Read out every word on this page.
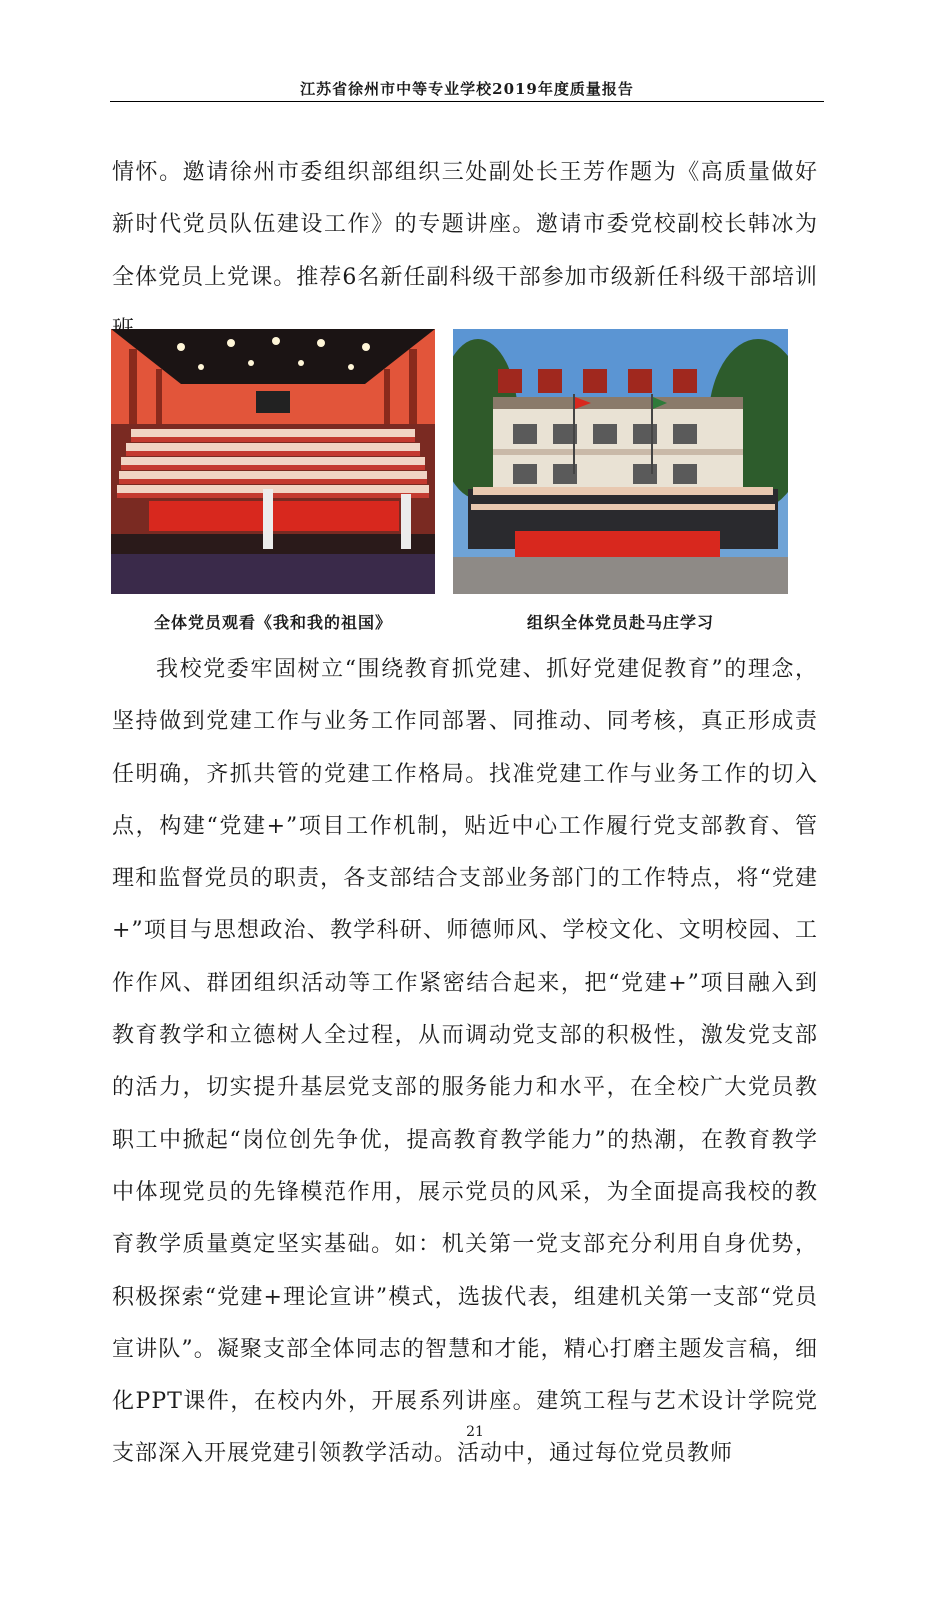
江苏省徐州市中等专业学校2019年度质量报告

情怀。邀请徐州市委组织部组织三处副处长王芳作题为《高质量做好新时代党员队伍建设工作》的专题讲座。邀请市委党校副校长韩冰为全体党员上党课。推荐6名新任副科级干部参加市级新任科级干部培训

全体党员观看《我和我的祖国》	组织全体党员赴马庄学习

我校党委牢固树立“围绕教育抓党建、抓好党建促教育”的理念，坚持做到党建工作与业务工作同部署、同推动、同考核，真正形成责任明确，齐抓共管的党建工作格局。找准党建工作与业务工作的切入点，构建“党建+”项目工作机制，贴近中心工作履行党支部教育、管理和监督党员的职责，各支部结合支部业务部门的工作特点，将“党建+”项目与思想政治、教学科研、师德师风、学校文化、文明校园、工作作风、群团组织活动等工作紧密结合起来，把“党建+”项目融入到教育教学和立德树人全过程，从而调动党支部的积极性，激发党支部的活力，切实提升基层党支部的服务能力和水平，在全校广大党员教职工中掀起“岗位创先争优，提高教育教学能力”的热潮，在教育教学中体现党员的先锋模范作用，展示党员的风采，为全面提高我校的教育教学质量奠定坚实基础。如：机关第一党支部充分利用自身优势，积极探索“党建+理论宣讲”模式，选拔代表，组建机关第一支部“党员宣讲队”。凝聚支部全体同志的智慧和才能，精心打磨主题发言稿，细化PPT课件，在校内外，开展系列讲座。建筑工程与艺术设计学院党支部深入开展党建引领教学活动。活动中，通过每位党员教师

21
